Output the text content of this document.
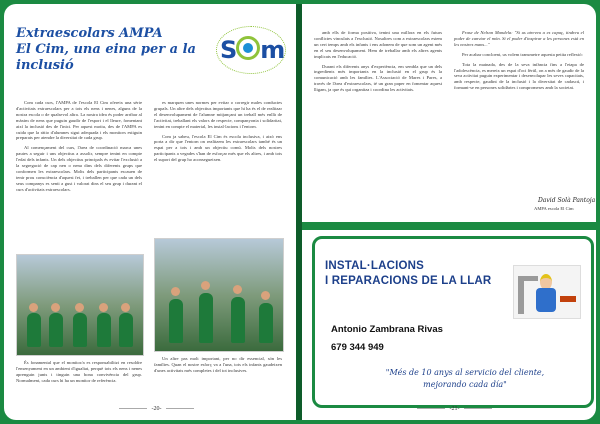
Extraescolars AMPA
El Cim, una eina per a la
inclusió
S m

Com cada curs, l'AMPA de l'escola El Cim ofereix una sèrie d'activitats extraescolars per a tots els nens i nenes, alguns de la nostra escola o de qualsevol altra. La nostra idea és poder arribar al màxim de nens que puguin gaudir de l'esport i el lleure, fomentant així la inclusió des de l'inici. Per aquest motiu, des de l'AMPA es cuida que la ràtio d'alumnes sigui adequada i els monitors estiguin preparats per atendre la diversitat de cada grup.

Al començament del curs, l'àrea de coordinació marca unes pautes a seguir i uns objectius a assolir, sempre tenint en compte l'edat dels infants. Un dels objectius principals és evitar l'exclusió a la segregació de cap nen o nena dins dels diferents grups que conformen les extraescolars. Molts dels participants escauen de tenir prou consciència d'aquest fet, i treballen per que cada un dels seus companys es senti a gust i valorat dins el seu grup i durant el curs d'activitats extraescolars.

es marquen unes normes per evitar o corregir males conductes grupals. Un altre dels objectius importants que hi ha és el de realitzar el desenvolupament de l'alumne mitjançant un treball més enllà de l'activitat, treballant els valors de respecte, companyonia i solidaritat, tenint en compte el material, les instal·lacions i l'entorn.

Com ja sabeu, l'escola El Cim és escola inclusiva, i això ens porta a dir que l'entorn on realitzem les extraescolars també és un espai per a tots i amb un objectiu comú. Molts dels nostres participants a vegades s'han de esforçar més que els altres, i amb tots el suport del grup ho aconsegueixen.

És fonamental que el monitor/a es responsabilitzi en resoldre l'ensenyament en un ambient d'igualtat, perquè tots els nens i nenes aprenguin junts i tinguin una bona convivència del grup. Normalment, cada curs hi ha un monitor de referència.

Un altre pas molt important, per no dir essencial, són les famílies. Quan el nostre esforç va a l'una, tots els infants gaudeixen d'unes activitats més completes i del tot inclusives.

-20-

amb ells de forma positiva, tenint una millora en els futurs conflictes vinculats a l'exclusió. Nosaltres com a extraescolars estem un cert temps amb els infants i ens adonem de que som un agent més en el seu desenvolupament. Hem de treballar amb els altres agents implicats en l'educació.

Durant els diferents anys d'experiència, em sembla que un dels ingredients més importants en la inclusió en el grup és la comunicació amb les famílies. L'Associació de Mares i Pares, a través de l'àrea d'extraescolars, té un gran paper en fomentar aquest lligam, ja que és qui organitza i coordina les activitats.

Frase de Nelson Mandela: "Si us atreveu a es capaç, tindreu el poder de canviar el món. Si el poder d'inspirar a les persones està en les nostres mans..."

Per acabar concloent, us volem transmetre aquesta petita reflexió:

Tota la mainada, des de la seva infància fins a l'etapa de l'adolescència, es mereix un espai d'oci fèrtil, on a més de gaudir de la seva activitat puguin experimentar i desenvolupar les seves capacitats, amb respecte, gaudint de la inclusió i la diversitat de cadascú, i formant-se en persones solidàries i compromeses amb la societat.

David Solà Pantoja
AMPA escola El Cim
INSTAL·LACIONS
I REPARACIONS DE LA LLAR
Antonio Zambrana Rivas
679 344 949
"Més de 10 anys al servicio del cliente,
mejorando cada día"
-21-
